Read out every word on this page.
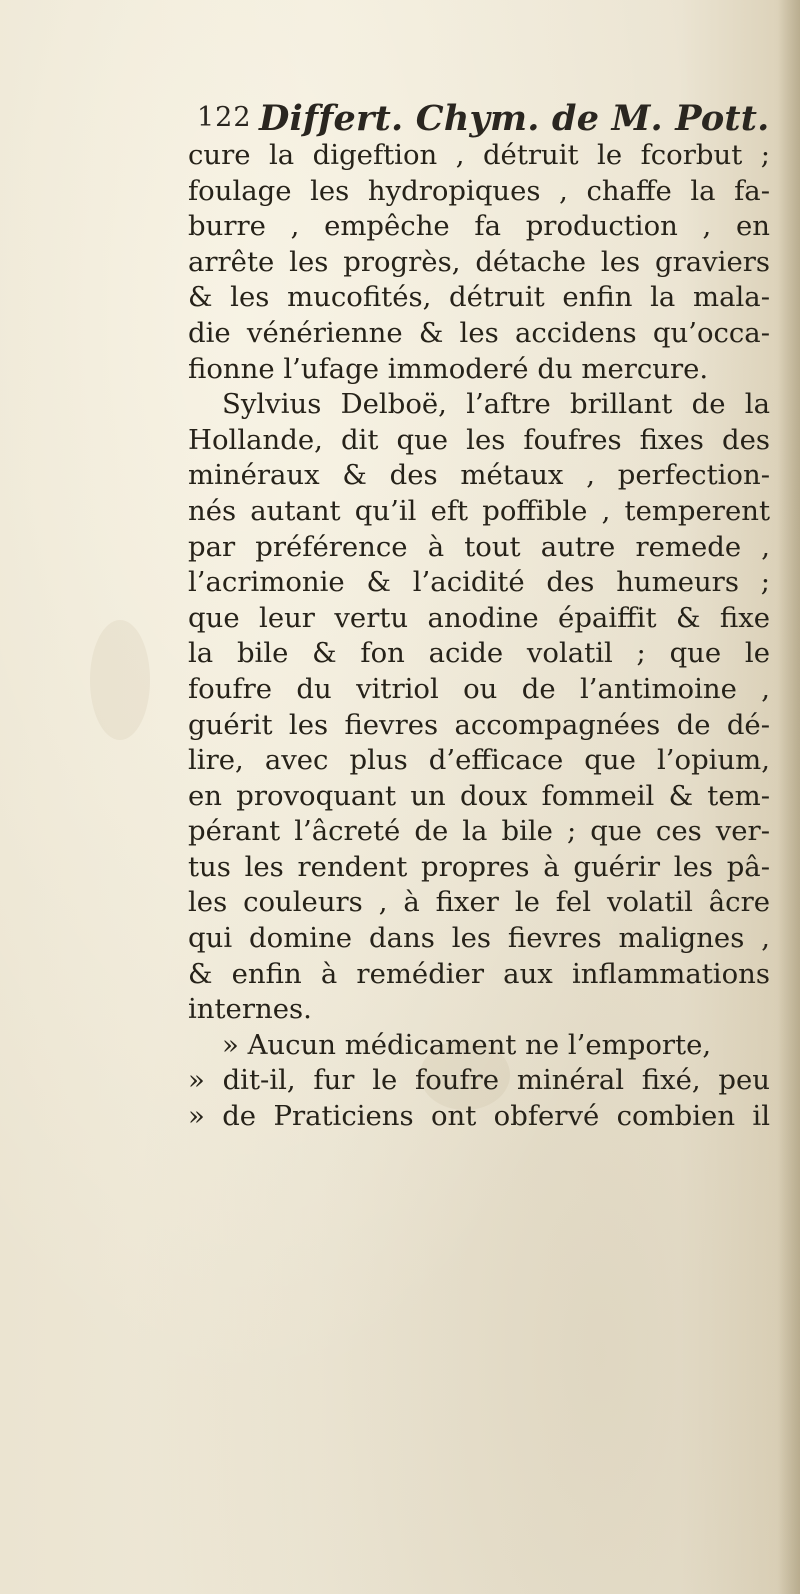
122 Differt. Chym. de M. Pott.
cure la digeftion , détruit le fcorbut ;
foulage les hydropiques , chaffe la fa-
burre , empêche fa production , en
arrête les progrès, détache les graviers
& les mucofités, détruit enfin la mala-
die vénérienne & les accidens qu’occa-
fionne l’ufage immoderé du mercure.
Sylvius Delboë, l’aftre brillant de la
Hollande, dit que les foufres fixes des
minéraux & des métaux , perfection-
nés autant qu’il eft poffible , temperent
par préférence à tout autre remede ,
l’acrimonie & l’acidité des humeurs ;
que leur vertu anodine épaiffit & fixe
la bile & fon acide volatil ; que le
foufre du vitriol ou de l’antimoine ,
guérit les fievres accompagnées de dé-
lire, avec plus d’efficace que l’opium,
en provoquant un doux fommeil & tem-
pérant l’âcreté de la bile ; que ces ver-
tus les rendent propres à guérir les pâ-
les couleurs , à fixer le fel volatil âcre
qui domine dans les fievres malignes ,
& enfin à remédier aux inflammations
internes.
» Aucun médicament ne l’emporte,
» dit-il, fur le foufre minéral fixé, peu
» de Praticiens ont obfervé combien il
